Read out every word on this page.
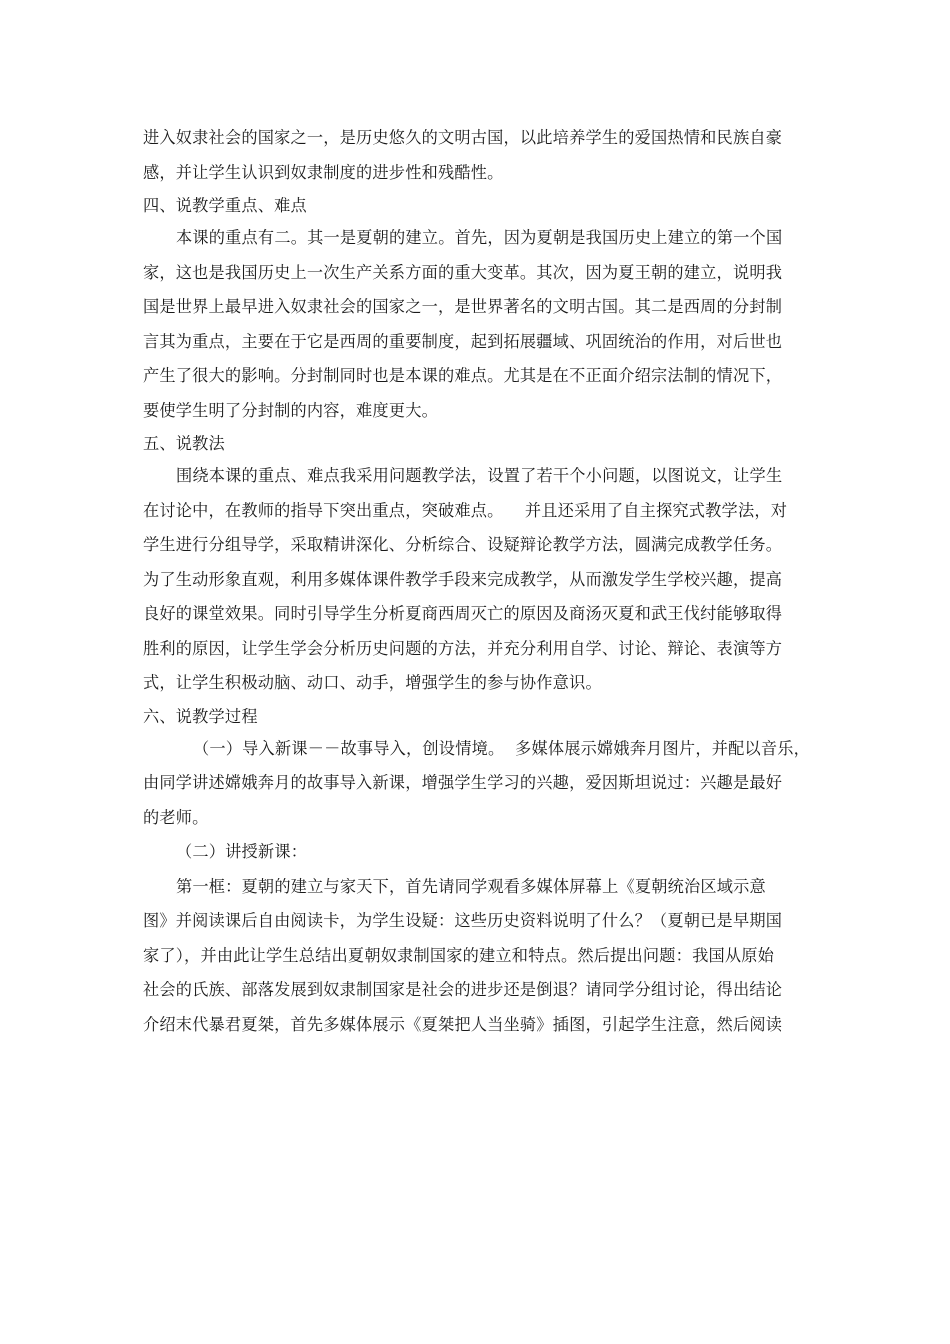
进入奴隶社会的国家之一，是历史悠久的文明古国，以此培养学生的爱国热情和民族自豪
感，并让学生认识到奴隶制度的进步性和残酷性。
四、说教学重点、难点
本课的重点有二。其一是夏朝的建立。首先，因为夏朝是我国历史上建立的第一个国
家，这也是我国历史上一次生产关系方面的重大变革。其次，因为夏王朝的建立，说明我
国是世界上最早进入奴隶社会的国家之一，是世界著名的文明古国。其二是西周的分封制
言其为重点，主要在于它是西周的重要制度，起到拓展疆域、巩固统治的作用，对后世也
产生了很大的影响。分封制同时也是本课的难点。尤其是在不正面介绍宗法制的情况下，
要使学生明了分封制的内容，难度更大。
五、说教法
围绕本课的重点、难点我采用问题教学法，设置了若干个小问题，以图说文，让学生
在讨论中，在教师的指导下突出重点，突破难点。    并且还采用了自主探究式教学法，对
学生进行分组导学，采取精讲深化、分析综合、设疑辩论教学方法，圆满完成教学任务。
为了生动形象直观，利用多媒体课件教学手段来完成教学，从而激发学生学校兴趣，提高
良好的课堂效果。同时引导学生分析夏商西周灭亡的原因及商汤灭夏和武王伐纣能够取得
胜利的原因，让学生学会分析历史问题的方法，并充分利用自学、讨论、辩论、表演等方
式，让学生积极动脑、动口、动手，增强学生的参与协作意识。
六、说教学过程
（一）导入新课－－故事导入，创设情境。  多媒体展示嫦娥奔月图片，并配以音乐，
由同学讲述嫦娥奔月的故事导入新课，增强学生学习的兴趣，爱因斯坦说过：兴趣是最好
的老师。
（二）讲授新课：
第一框：夏朝的建立与家天下，首先请同学观看多媒体屏幕上《夏朝统治区域示意
图》并阅读课后自由阅读卡，为学生设疑：这些历史资料说明了什么？（夏朝已是早期国
家了），并由此让学生总结出夏朝奴隶制国家的建立和特点。然后提出问题：我国从原始
社会的氏族、部落发展到奴隶制国家是社会的进步还是倒退？请同学分组讨论，得出结论
介绍末代暴君夏桀，首先多媒体展示《夏桀把人当坐骑》插图，引起学生注意，然后阅读
